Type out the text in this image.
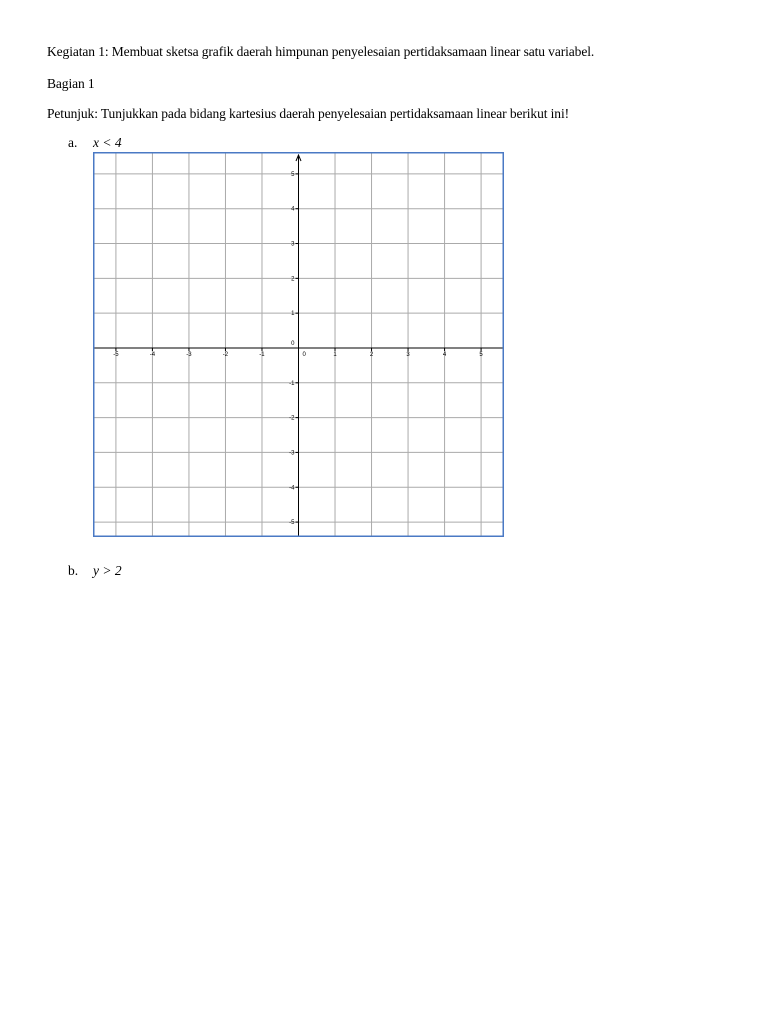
Kegiatan 1: Membuat sketsa grafik daerah himpunan penyelesaian pertidaksamaan linear satu variabel.
Bagian 1
Petunjuk: Tunjukkan pada bidang kartesius daerah penyelesaian pertidaksamaan linear berikut ini!
a. x < 4
-5	-4	-3	-2	-1	1	2	3	4	5
0
0
5
4
3
2
1
-1
-2
-3
-4
-5
b. y > 2
